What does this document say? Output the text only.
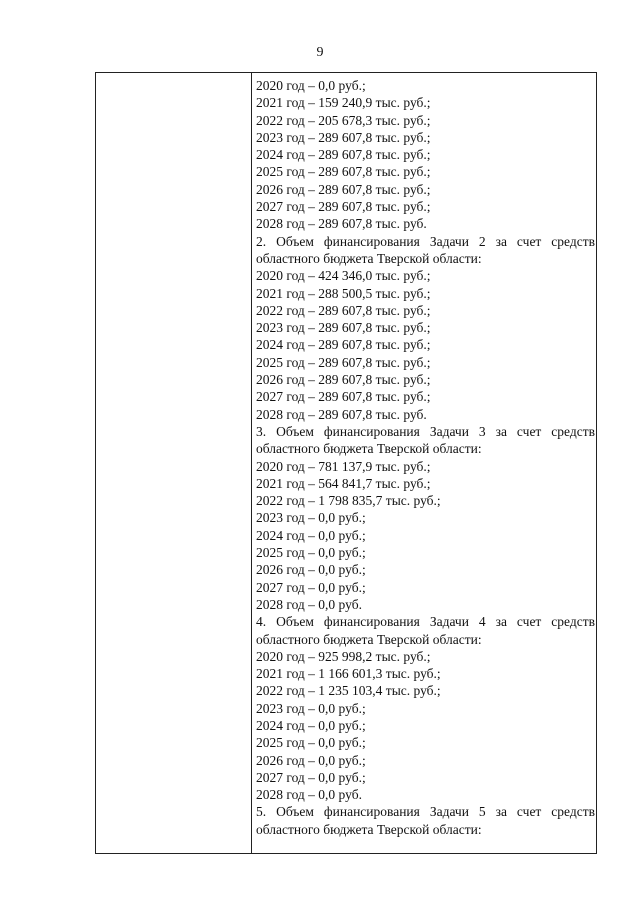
9
2020 год – 0,0 руб.;
2021 год – 159 240,9 тыс. руб.;
2022 год – 205 678,3 тыс. руб.;
2023 год – 289 607,8 тыс. руб.;
2024 год – 289 607,8 тыс. руб.;
2025 год – 289 607,8 тыс. руб.;
2026 год – 289 607,8 тыс. руб.;
2027 год – 289 607,8 тыс. руб.;
2028 год – 289 607,8 тыс. руб.
2. Объем финансирования Задачи 2 за счет средств
областного бюджета Тверской области:
2020 год – 424 346,0 тыс. руб.;
2021 год – 288 500,5 тыс. руб.;
2022 год – 289 607,8 тыс. руб.;
2023 год – 289 607,8 тыс. руб.;
2024 год – 289 607,8 тыс. руб.;
2025 год – 289 607,8 тыс. руб.;
2026 год – 289 607,8 тыс. руб.;
2027 год – 289 607,8 тыс. руб.;
2028 год – 289 607,8 тыс. руб.
3. Объем финансирования Задачи 3 за счет средств
областного бюджета Тверской области:
2020 год – 781 137,9 тыс. руб.;
2021 год – 564 841,7 тыс. руб.;
2022 год – 1 798 835,7 тыс. руб.;
2023 год – 0,0 руб.;
2024 год – 0,0 руб.;
2025 год – 0,0 руб.;
2026 год – 0,0 руб.;
2027 год – 0,0 руб.;
2028 год – 0,0 руб.
4. Объем финансирования Задачи 4 за счет средств
областного бюджета Тверской области:
2020 год – 925 998,2 тыс. руб.;
2021 год – 1 166 601,3 тыс. руб.;
2022 год – 1 235 103,4 тыс. руб.;
2023 год – 0,0 руб.;
2024 год – 0,0 руб.;
2025 год – 0,0 руб.;
2026 год – 0,0 руб.;
2027 год – 0,0 руб.;
2028 год – 0,0 руб.
5. Объем финансирования Задачи 5 за счет средств
областного бюджета Тверской области:
